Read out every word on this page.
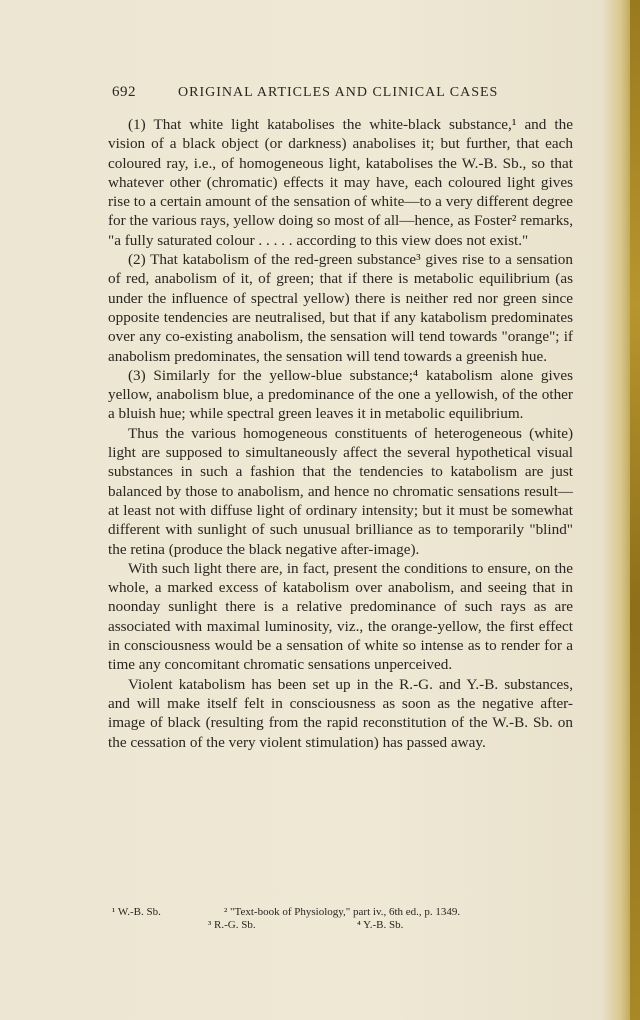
692	ORIGINAL ARTICLES AND CLINICAL CASES

(1) That white light katabolises the white-black substance,¹ and the vision of a black object (or darkness) anabolises it; but further, that each coloured ray, i.e., of homogeneous light, katabolises the W.-B. Sb., so that whatever other (chromatic) effects it may have, each coloured light gives rise to a certain amount of the sensation of white—to a very different degree for the various rays, yellow doing so most of all—hence, as Foster² remarks, "a fully saturated colour . . . . . according to this view does not exist."

(2) That katabolism of the red-green substance³ gives rise to a sensation of red, anabolism of it, of green; that if there is metabolic equilibrium (as under the influence of spectral yellow) there is neither red nor green since opposite tendencies are neutralised, but that if any katabolism predominates over any co-existing anabolism, the sensation will tend towards "orange"; if anabolism predominates, the sensation will tend towards a greenish hue.

(3) Similarly for the yellow-blue substance;⁴ katabolism alone gives yellow, anabolism blue, a predominance of the one a yellowish, of the other a bluish hue; while spectral green leaves it in metabolic equilibrium.

Thus the various homogeneous constituents of heterogeneous (white) light are supposed to simultaneously affect the several hypothetical visual substances in such a fashion that the tendencies to katabolism are just balanced by those to anabolism, and hence no chromatic sensations result—at least not with diffuse light of ordinary intensity; but it must be somewhat different with sunlight of such unusual brilliance as to temporarily "blind" the retina (produce the black negative after-image).

With such light there are, in fact, present the conditions to ensure, on the whole, a marked excess of katabolism over anabolism, and seeing that in noonday sunlight there is a relative predominance of such rays as are associated with maximal luminosity, viz., the orange-yellow, the first effect in consciousness would be a sensation of white so intense as to render for a time any concomitant chromatic sensations unperceived.

Violent katabolism has been set up in the R.-G. and Y.-B. substances, and will make itself felt in consciousness as soon as the negative after-image of black (resulting from the rapid reconstitution of the W.-B. Sb. on the cessation of the very violent stimulation) has passed away.

¹ W.-B. Sb.	² "Text-book of Physiology," part iv., 6th ed., p. 1349.
³ R.-G. Sb.	⁴ Y.-B. Sb.
